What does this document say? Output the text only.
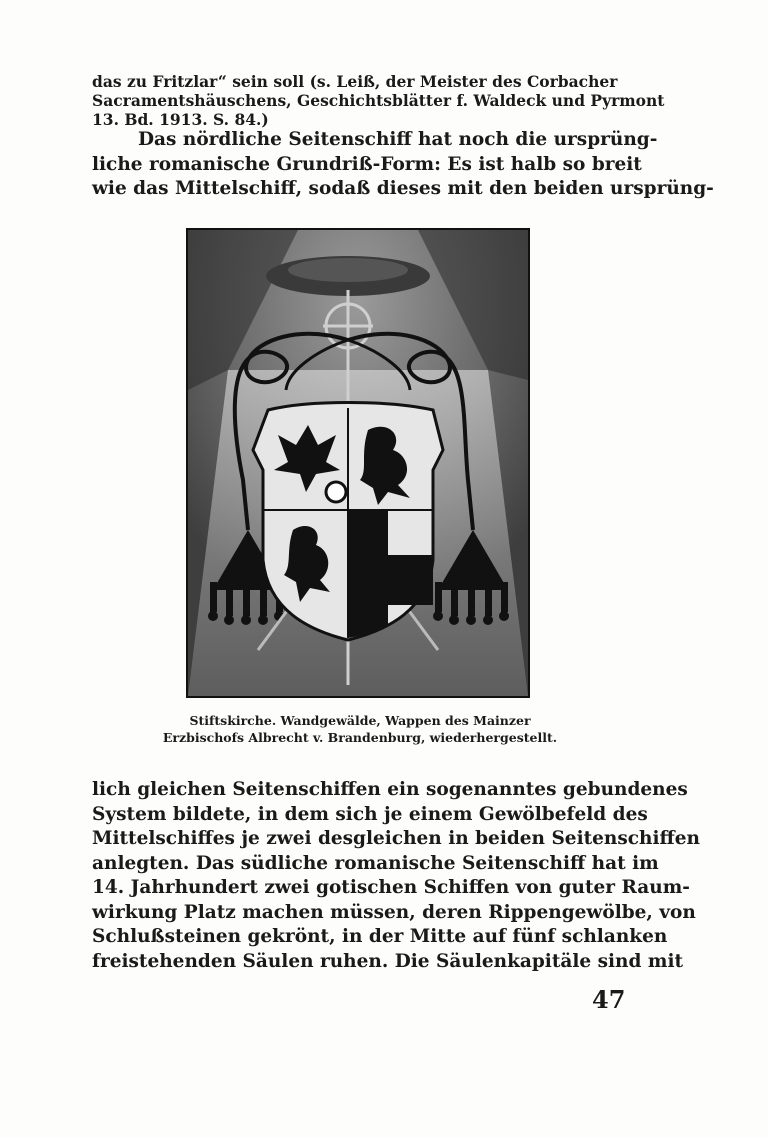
das zu Fritzlar“ sein soll (s. Leiß, der Meister des Corbacher
Sacramentshäuschens, Geschichtsblätter f. Waldeck und Pyrmont
13. Bd. 1913. S. 84.)
Das nördliche Seitenschiff hat noch die ursprüng-
liche romanische Grundriß-Form: Es ist halb so breit
wie das Mittelschiff, sodaß dieses mit den beiden ursprüng-
Stiftskirche. Wandgewälde, Wappen des Mainzer
Erzbischofs Albrecht v. Brandenburg, wiederhergestellt.
lich gleichen Seitenschiffen ein sogenanntes gebundenes
System bildete, in dem sich je einem Gewölbefeld des
Mittelschiffes je zwei desgleichen in beiden Seitenschiffen
anlegten. Das südliche romanische Seitenschiff hat im
14. Jahrhundert zwei gotischen Schiffen von guter Raum-
wirkung Platz machen müssen, deren Rippengewölbe, von
Schlußsteinen gekrönt, in der Mitte auf fünf schlanken
freistehenden Säulen ruhen. Die Säulenkapitäle sind mit
47
